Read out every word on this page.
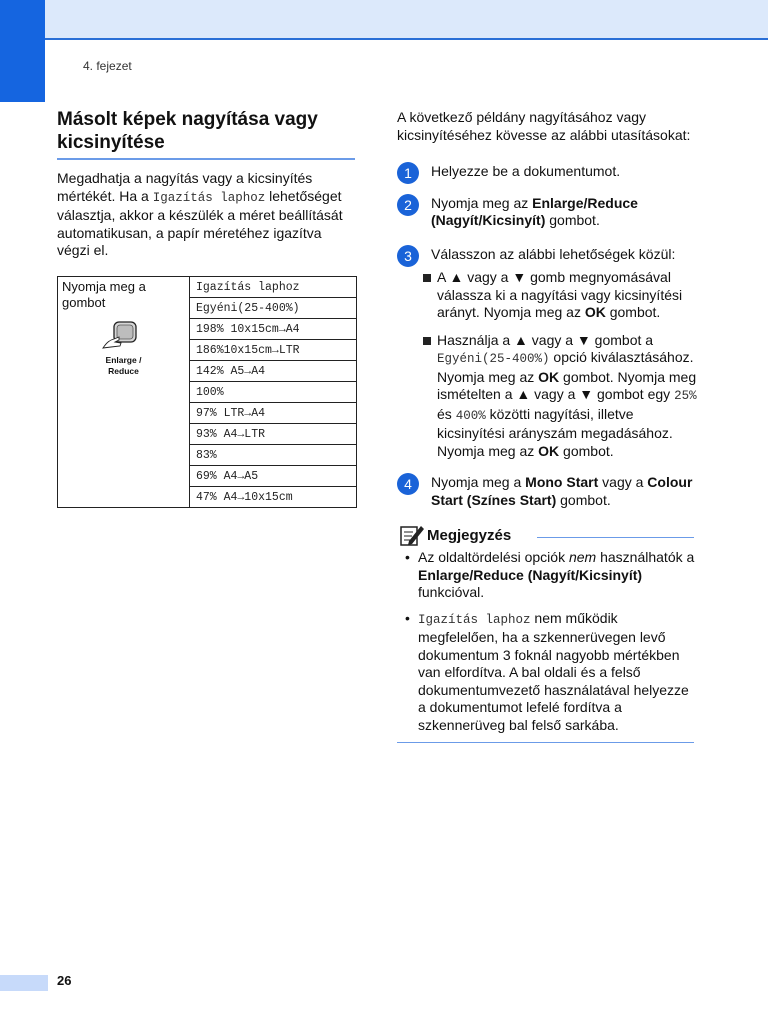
4. fejezet
Másolt képek nagyítása vagy kicsinyítése
Megadhatja a nagyítás vagy a kicsinyítés mértékét. Ha a Igazítás laphoz lehetőséget választja, akkor a készülék a méret beállítását automatikusan, a papír méretéhez igazítva végzi el.
Nyomja meg a gombot
Enlarge /
Reduce
	Igazítás laphoz
Egyéni(25-400%)
198% 10x15cm→A4
186%10x15cm→LTR
142% A5→A4
100%
97% LTR→A4
93% A4→LTR
83%
69% A4→A5
47% A4→10x15cm
A következő példány nagyításához vagy kicsinyítéséhez kövesse az alábbi utasításokat:
1	Helyezze be a dokumentumot.
2	Nyomja meg az Enlarge/Reduce (Nagyít/Kicsinyít) gombot.
3	Válasszon az alábbi lehetőségek közül:
A ▲ vagy a ▼ gomb megnyomásával válassza ki a nagyítási vagy kicsinyítési arányt. Nyomja meg az OK gombot.
Használja a ▲ vagy a ▼ gombot a Egyéni(25-400%) opció kiválasztásához. Nyomja meg az OK gombot. Nyomja meg ismételten a ▲ vagy a ▼ gombot egy 25% és 400% közötti nagyítási, illetve kicsinyítési arányszám megadásához. Nyomja meg az OK gombot.
4	Nyomja meg a Mono Start vagy a Colour Start (Színes Start) gombot.
Megjegyzés
• Az oldaltördelési opciók nem használhatók a Enlarge/Reduce (Nagyít/Kicsinyít) funkcióval.
• Igazítás laphoz nem működik megfelelően, ha a szkennerüvegen levő dokumentum 3 foknál nagyobb mértékben van elfordítva. A bal oldali és a felső dokumentumvezető használatával helyezze a dokumentumot lefelé fordítva a szkennerüveg bal felső sarkába.
26
